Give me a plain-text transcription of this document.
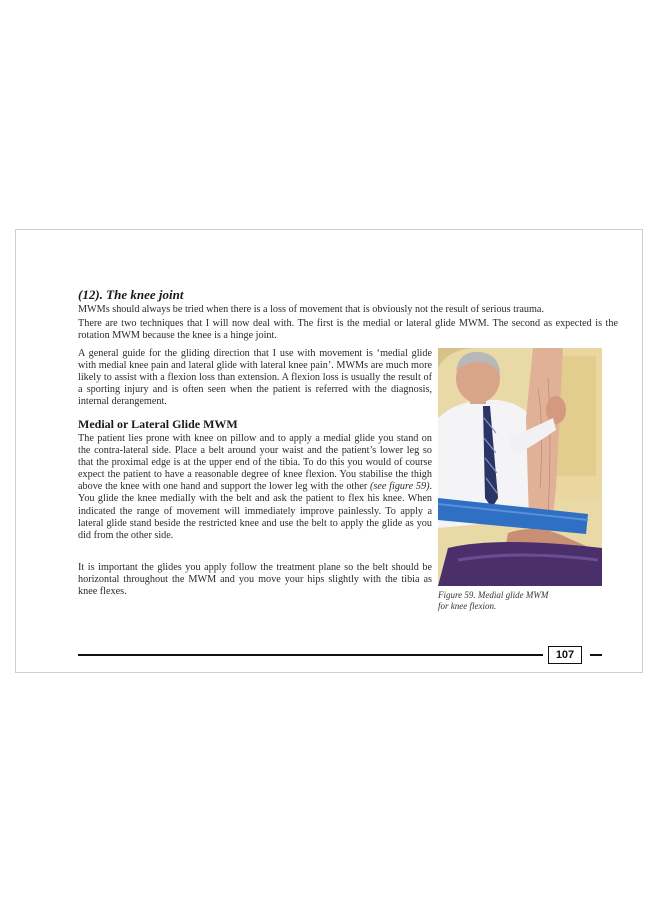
(12). The knee joint

MWMs should always be tried when there is a loss of movement that is obviously not the result of serious trauma.

There are two techniques that I will now deal with. The first is the medial or lateral glide MWM. The second as expected is the rotation MWM because the knee is a hinge joint.

A general guide for the gliding direction that I use with movement is ‘medial glide with medial knee pain and lateral glide with lateral knee pain’. MWMs are much more likely to assist with a flexion loss than extension. A flexion loss is usually the result of a sporting injury and is often seen when the patient is referred with the diagnosis, internal derangement.

Medial or Lateral Glide MWM

The patient lies prone with knee on pillow and to apply a medial glide you stand on the contra-lateral side. Place a belt around your waist and the patient’s lower leg so that the proximal edge is at the upper end of the tibia. To do this you would of course expect the patient to have a reasonable degree of knee flexion. You stabilise the thigh above the knee with one hand and support the lower leg with the other (see figure 59). You glide the knee medially with the belt and ask the patient to flex his knee. When indicated the range of movement will immediately improve painlessly. To apply a lateral glide stand beside the restricted knee and use the belt to apply the glide as you did from the other side.

It is important the glides you apply follow the treatment plane so the belt should be horizontal throughout the MWM and you move your hips slightly with the tibia as knee flexes.	Figure 59. Medial glide MWM
for knee flexion.

107
